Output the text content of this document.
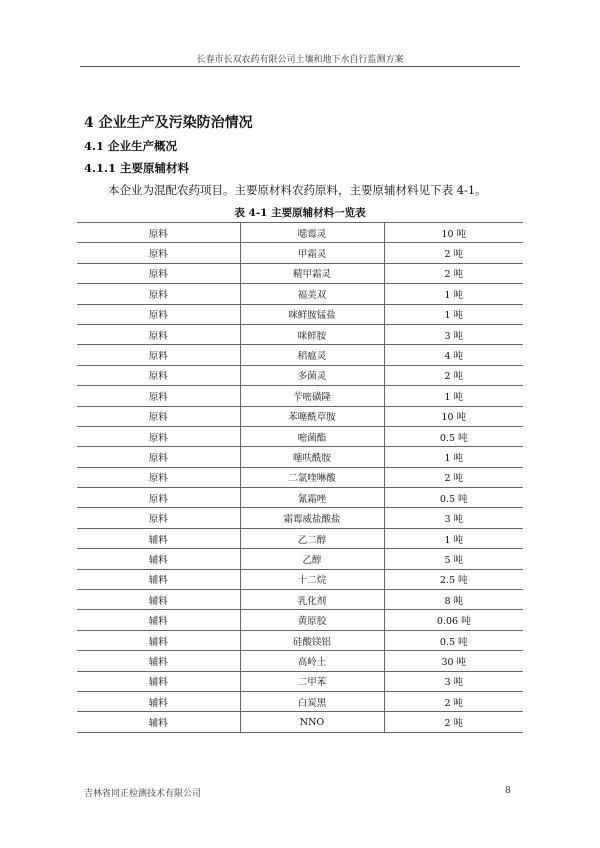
长春市长双农药有限公司土壤和地下水自行监测方案
4 企业生产及污染防治情况
4.1 企业生产概况
4.1.1 主要原辅材料
本企业为混配农药项目。主要原材料农药原料，主要原辅材料见下表 4-1。
表 4-1 主要原辅材料一览表
原料	噁霉灵	10 吨
原料	甲霜灵	2 吨
原料	精甲霜灵	2 吨
原料	福美双	1 吨
原料	咪鲜胺锰盐	1 吨
原料	咪鲜胺	3 吨
原料	稻瘟灵	4 吨
原料	多菌灵	2 吨
原料	苄嘧磺隆	1 吨
原料	苯噻酰草胺	10 吨
原料	嘧菌酯	0.5 吨
原料	噻呋酰胺	1 吨
原料	二氯喹啉酸	2 吨
原料	氰霜唑	0.5 吨
原料	霜霉威盐酸盐	3 吨
辅料	乙二醇	1 吨
辅料	乙醇	5 吨
辅料	十二烷	2.5 吨
辅料	乳化剂	8 吨
辅料	黄原胶	0.06 吨
辅料	硅酸镁铝	0.5 吨
辅料	高岭土	30 吨
辅料	二甲苯	3 吨
辅料	白炭黑	2 吨
辅料	NNO	2 吨
吉林省同正检测技术有限公司	8
